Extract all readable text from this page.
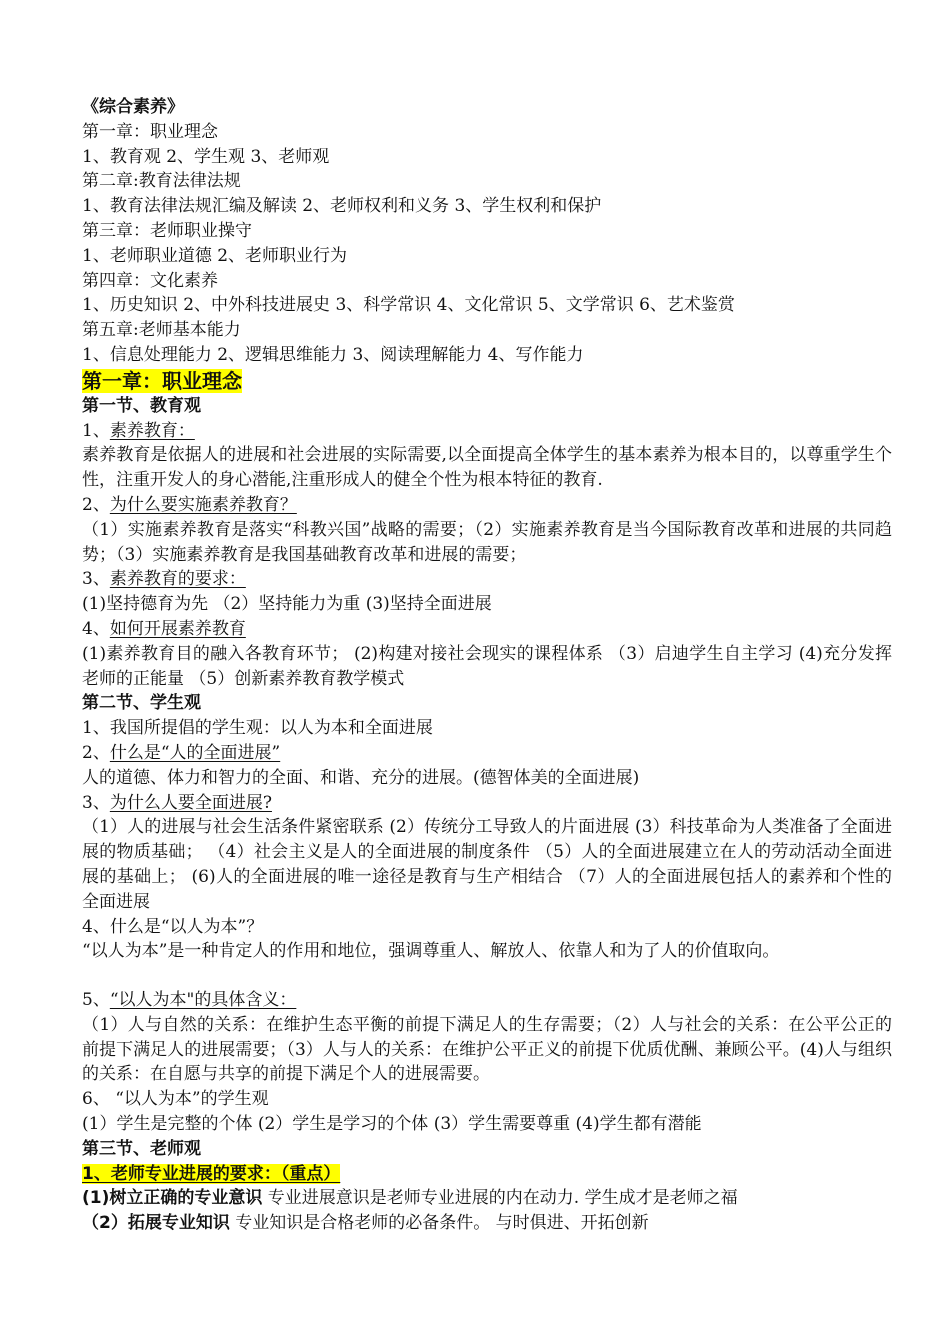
《综合素养》

第一章：职业理念

1、教育观 2、学生观 3、老师观

第二章:教育法律法规

1、教育法律法规汇编及解读 2、老师权利和义务 3、学生权利和保护

第三章：老师职业操守

1、老师职业道德 2、老师职业行为

第四章：文化素养

1、历史知识 2、中外科技进展史 3、科学常识 4、文化常识 5、文学常识 6、艺术鉴赏

第五章:老师基本能力

1、信息处理能力 2、逻辑思维能力 3、阅读理解能力 4、写作能力

第一章：职业理念

第一节、教育观

1、素养教育：

素养教育是依据人的进展和社会进展的实际需要,以全面提高全体学生的基本素养为根本目的，以尊重学生个性，注重开发人的身心潜能,注重形成人的健全个性为根本特征的教育.

2、为什么要实施素养教育？

（1）实施素养教育是落实“科教兴国”战略的需要；（2）实施素养教育是当今国际教育改革和进展的共同趋势；（3）实施素养教育是我国基础教育改革和进展的需要；

3、素养教育的要求：

(1)坚持德育为先 （2）坚持能力为重 (3)坚持全面进展

4、如何开展素养教育

(1)素养教育目的融入各教育环节； (2)构建对接社会现实的课程体系 （3）启迪学生自主学习 (4)充分发挥老师的正能量 （5）创新素养教育教学模式

第二节、学生观

1、我国所提倡的学生观：以人为本和全面进展

2、什么是“人的全面进展”

人的道德、体力和智力的全面、和谐、充分的进展。(德智体美的全面进展)

3、为什么人要全面进展?

（1）人的进展与社会生活条件紧密联系 (2）传统分工导致人的片面进展 (3）科技革命为人类准备了全面进展的物质基础； （4）社会主义是人的全面进展的制度条件 （5）人的全面进展建立在人的劳动活动全面进展的基础上； (6)人的全面进展的唯一途径是教育与生产相结合 （7）人的全面进展包括人的素养和个性的全面进展

4、什么是“以人为本”？

“以人为本”是一种肯定人的作用和地位，强调尊重人、解放人、依靠人和为了人的价值取向。

5、“以人为本"的具体含义：

（1）人与自然的关系：在维护生态平衡的前提下满足人的生存需要；（2）人与社会的关系：在公平公正的前提下满足人的进展需要；（3）人与人的关系：在维护公平正义的前提下优质优酬、兼顾公平。(4)人与组织的关系：在自愿与共享的前提下满足个人的进展需要。

6、 “以人为本”的学生观

(1）学生是完整的个体 (2）学生是学习的个体 (3）学生需要尊重 (4)学生都有潜能

第三节、老师观

1、老师专业进展的要求：（重点）

(1)树立正确的专业意识 专业进展意识是老师专业进展的内在动力. 学生成才是老师之福

（2）拓展专业知识 专业知识是合格老师的必备条件。 与时俱进、开拓创新
